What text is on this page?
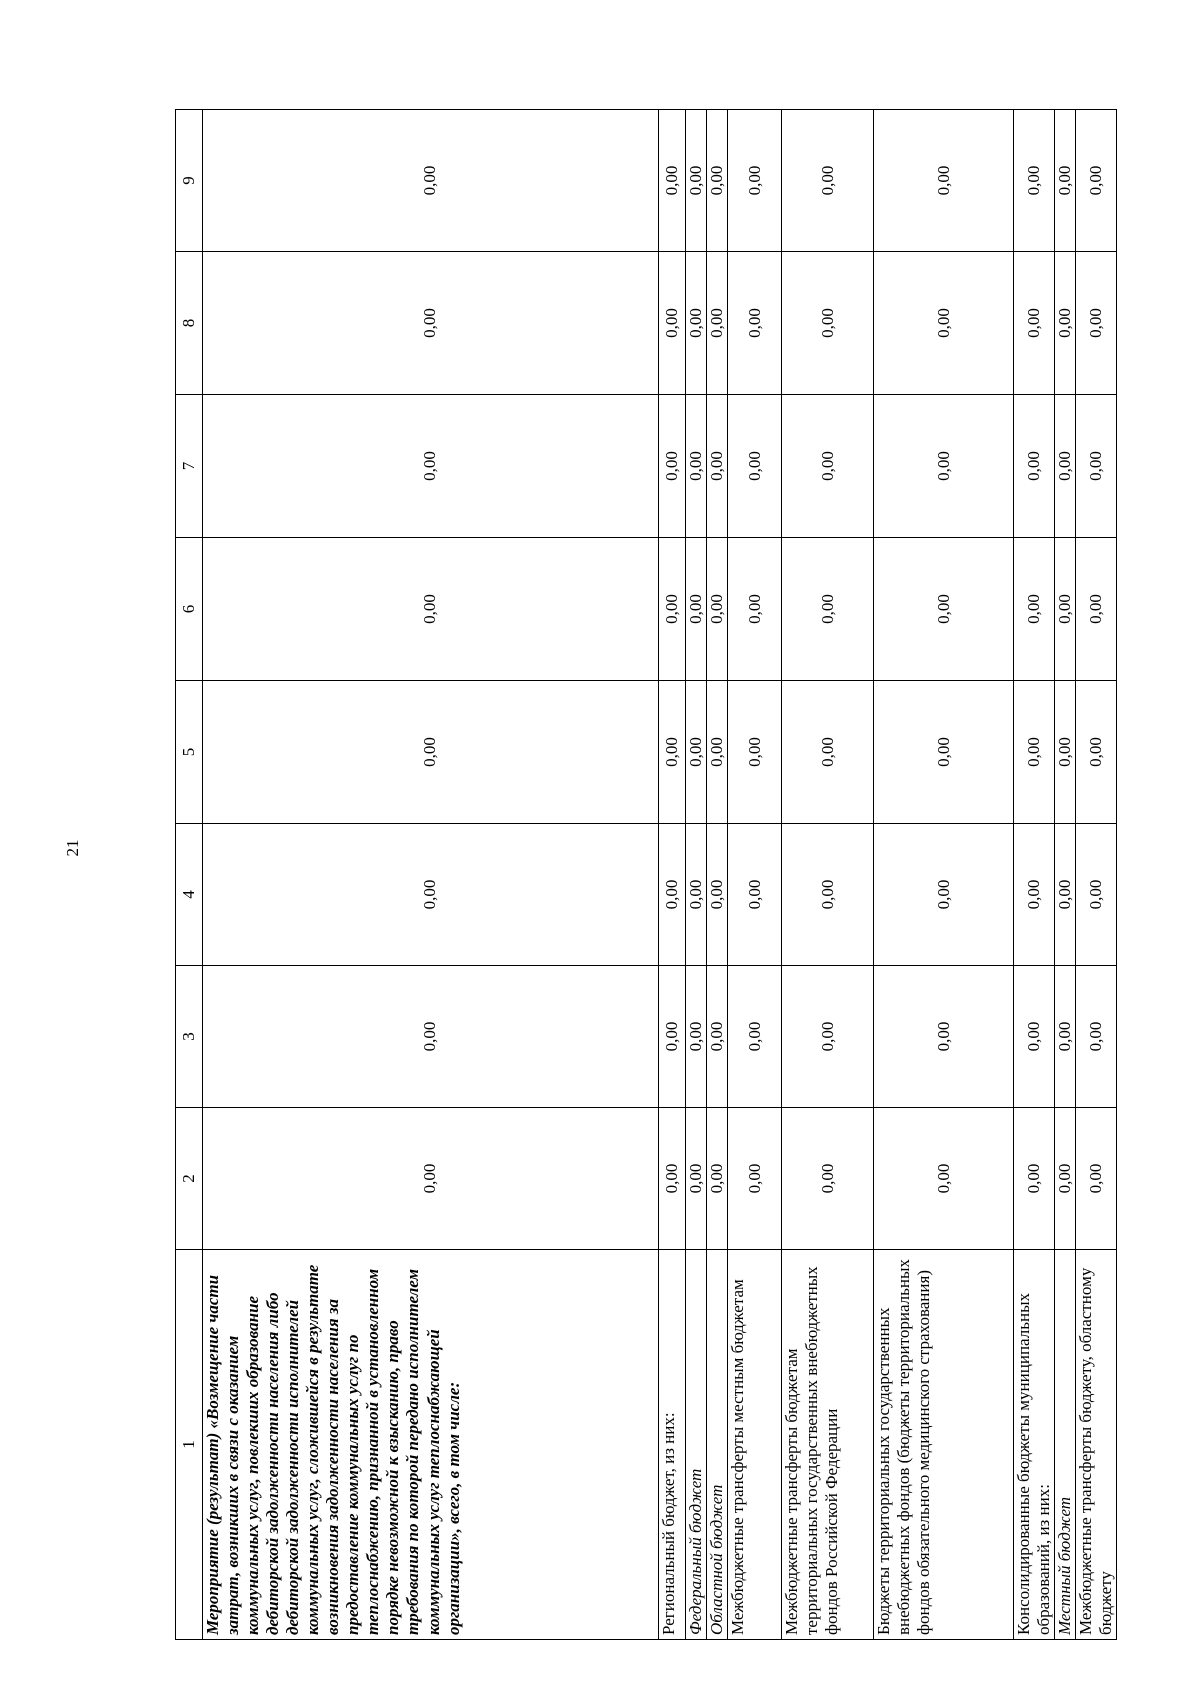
21
1	2	3	4	5	6	7	8	9
Мероприятие (результат) «Возмещение части затрат, возникших в связи с оказанием коммунальных услуг, повлекших образование дебиторской задолженности населения либо дебиторской задолженности исполнителей коммунальных услуг, сложившейся в результате возникновения задолженности населения за предоставление коммунальных услуг по теплоснабжению, признанной в установленном порядке невозможной к взысканию, право требования по которой передано исполнителем коммунальных услуг теплоснабжающей организации», всего, в том числе:	0,00	0,00	0,00	0,00	0,00	0,00	0,00	0,00
Региональный бюджет, из них:	0,00	0,00	0,00	0,00	0,00	0,00	0,00	0,00
Федеральный бюджет	0,00	0,00	0,00	0,00	0,00	0,00	0,00	0,00
Областной бюджет	0,00	0,00	0,00	0,00	0,00	0,00	0,00	0,00
Межбюджетные трансферты местным бюджетам	0,00	0,00	0,00	0,00	0,00	0,00	0,00	0,00
Межбюджетные трансферты бюджетам территориальных государственных внебюджетных фондов Российской Федерации	0,00	0,00	0,00	0,00	0,00	0,00	0,00	0,00
Бюджеты территориальных государственных внебюджетных фондов (бюджеты территориальных фондов обязательного медицинского страхования)	0,00	0,00	0,00	0,00	0,00	0,00	0,00	0,00
Консолидированные бюджеты муниципальных образований, из них:	0,00	0,00	0,00	0,00	0,00	0,00	0,00	0,00
Местный бюджет	0,00	0,00	0,00	0,00	0,00	0,00	0,00	0,00
Межбюджетные трансферты бюджету, областному бюджету	0,00	0,00	0,00	0,00	0,00	0,00	0,00	0,00
